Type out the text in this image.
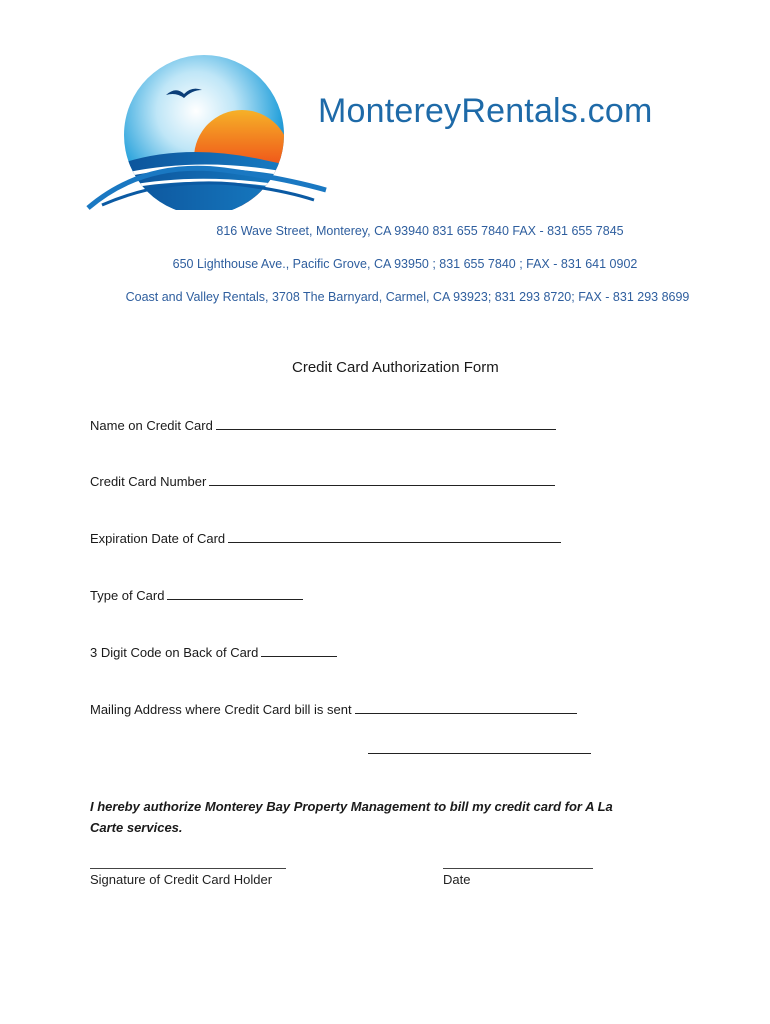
MontereyRentals.com
816 Wave Street, Monterey, CA 93940 831 655 7840 FAX - 831 655 7845
650 Lighthouse Ave., Pacific Grove, CA 93950 ; 831 655 7840 ; FAX - 831 641 0902
Coast and Valley Rentals, 3708 The Barnyard, Carmel, CA 93923; 831 293 8720; FAX - 831 293 8699
Credit Card Authorization Form
Name on Credit Card
Credit Card Number
Expiration Date of Card
Type of Card
3 Digit Code on Back of Card
Mailing Address where Credit Card bill is sent
I hereby authorize Monterey Bay Property Management to bill my credit card for A La Carte services.
Signature of Credit Card Holder	Date
